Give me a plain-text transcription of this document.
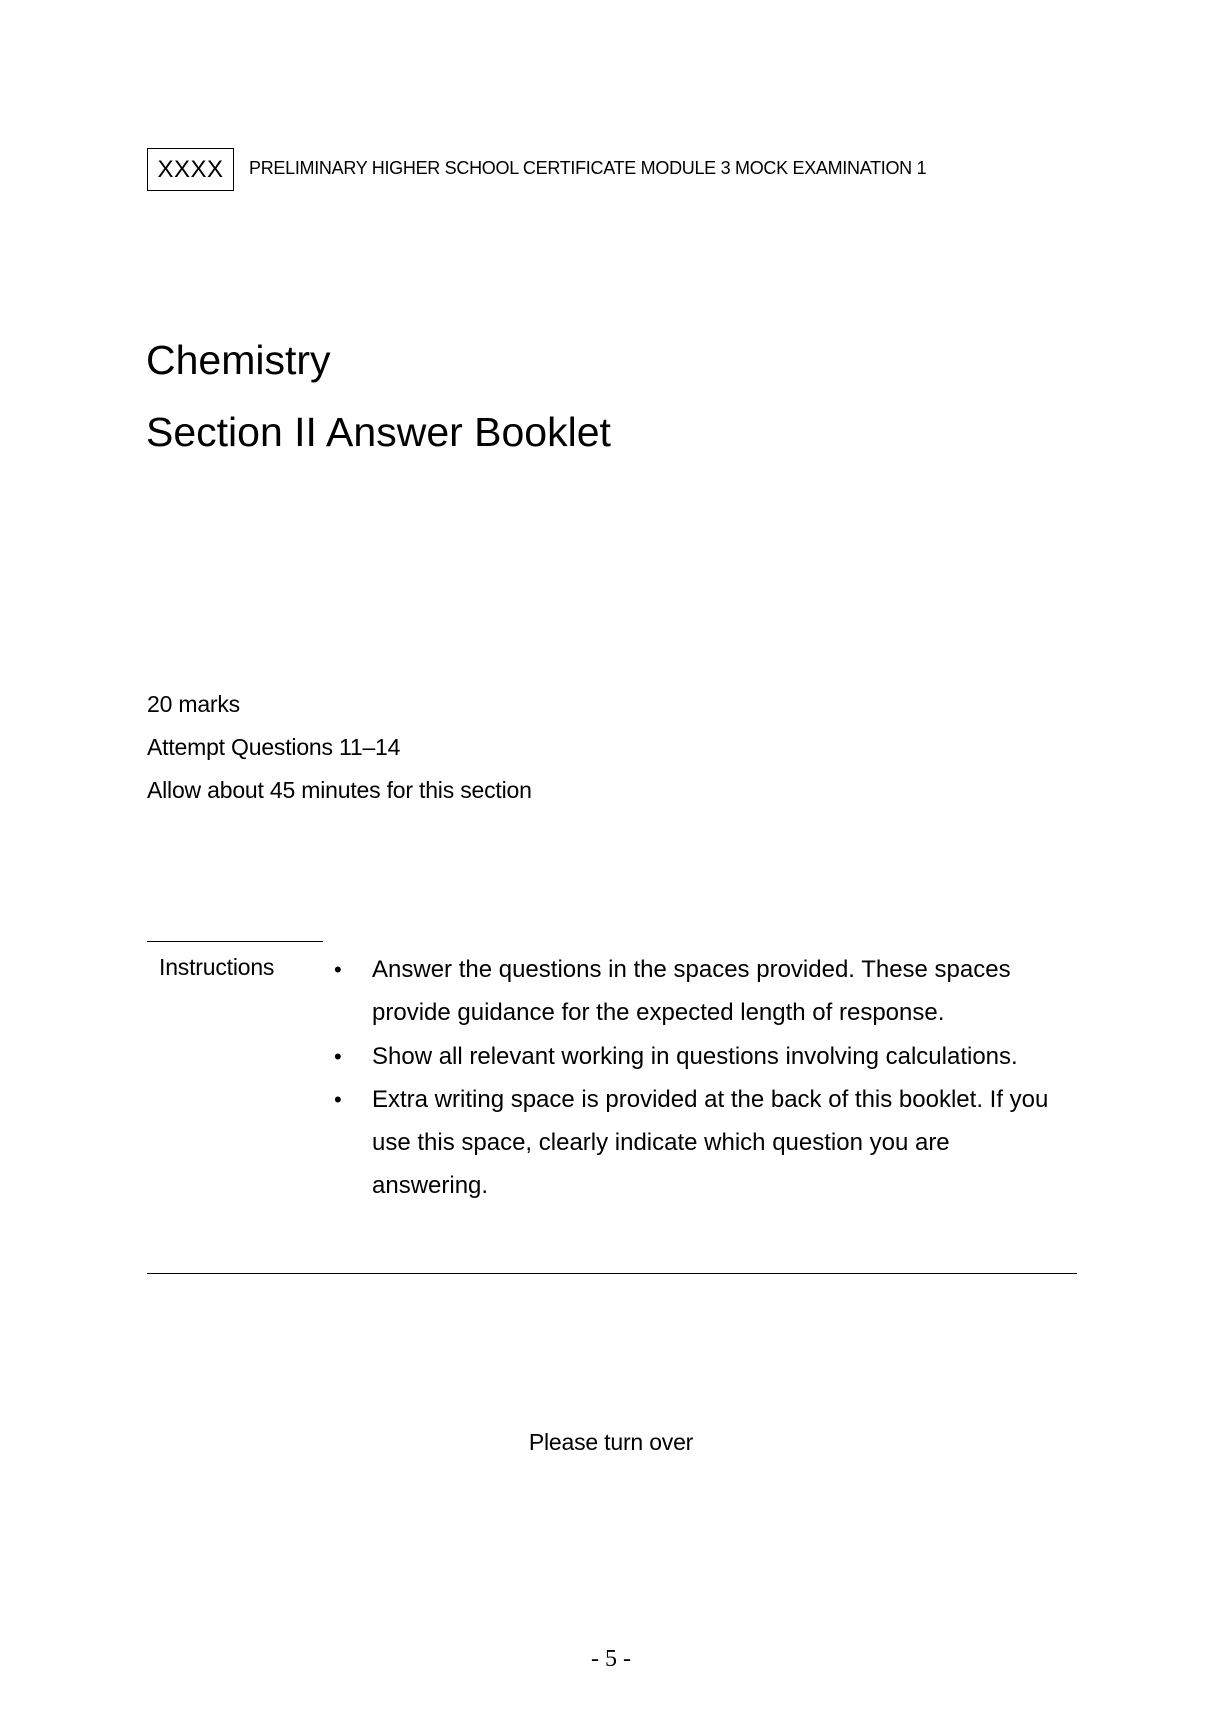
XXXX	PRELIMINARY HIGHER SCHOOL CERTIFICATE MODULE 3 MOCK EXAMINATION 1
Chemistry
Section II Answer Booklet
20 marks
Attempt Questions 11–14
Allow about 45 minutes for this section
Instructions	• Answer the questions in the spaces provided. These spaces provide guidance for the expected length of response.
• Show all relevant working in questions involving calculations.
• Extra writing space is provided at the back of this booklet. If you use this space, clearly indicate which question you are answering.
Please turn over
- 5 -
